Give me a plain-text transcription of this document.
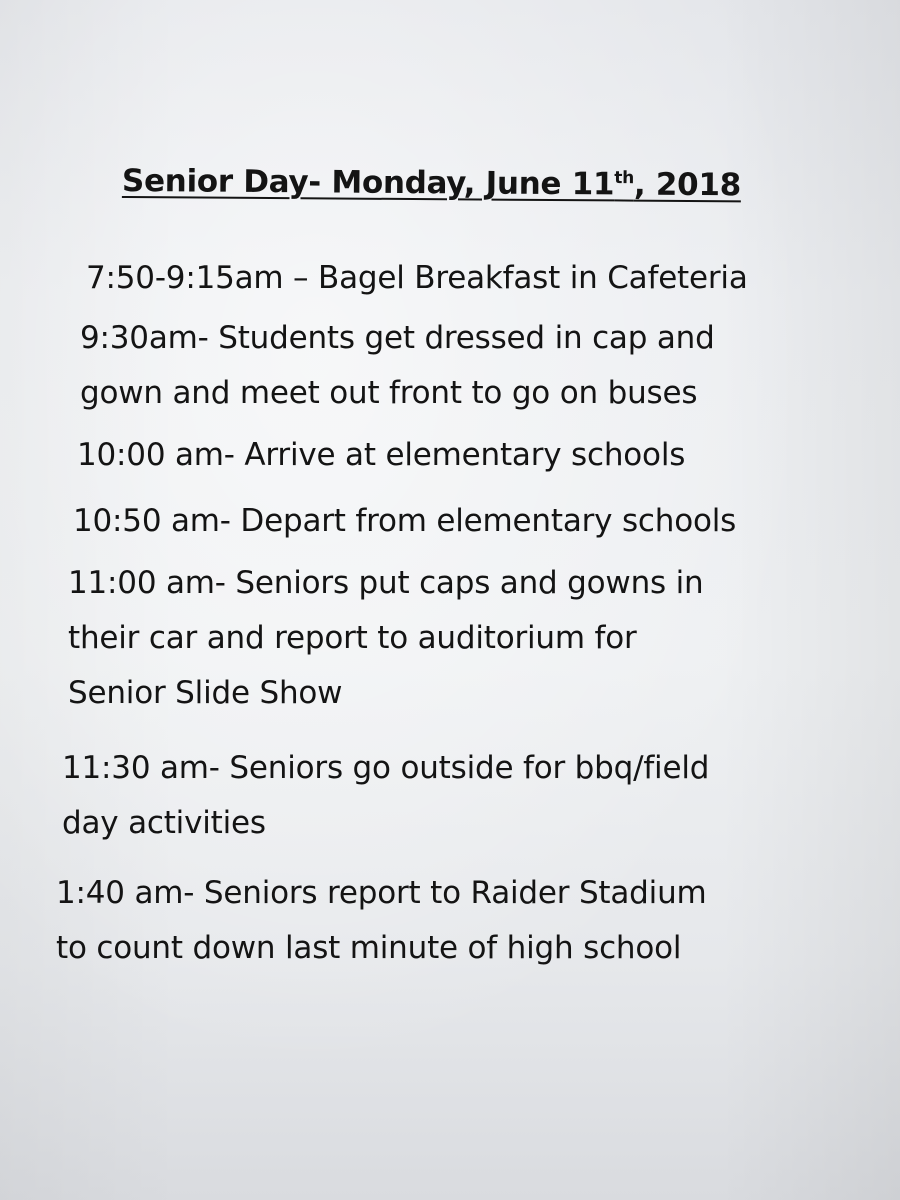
Senior Day- Monday, June 11th, 2018
7:50-9:15am – Bagel Breakfast in Cafeteria
9:30am- Students get dressed in cap and
gown and meet out front to go on buses
10:00 am- Arrive at elementary schools
10:50 am- Depart from elementary schools
11:00 am- Seniors put caps and gowns in
their car and report to auditorium for
Senior Slide Show
11:30 am- Seniors go outside for bbq/field
day activities
1:40 am- Seniors report to Raider Stadium
to count down last minute of high school
